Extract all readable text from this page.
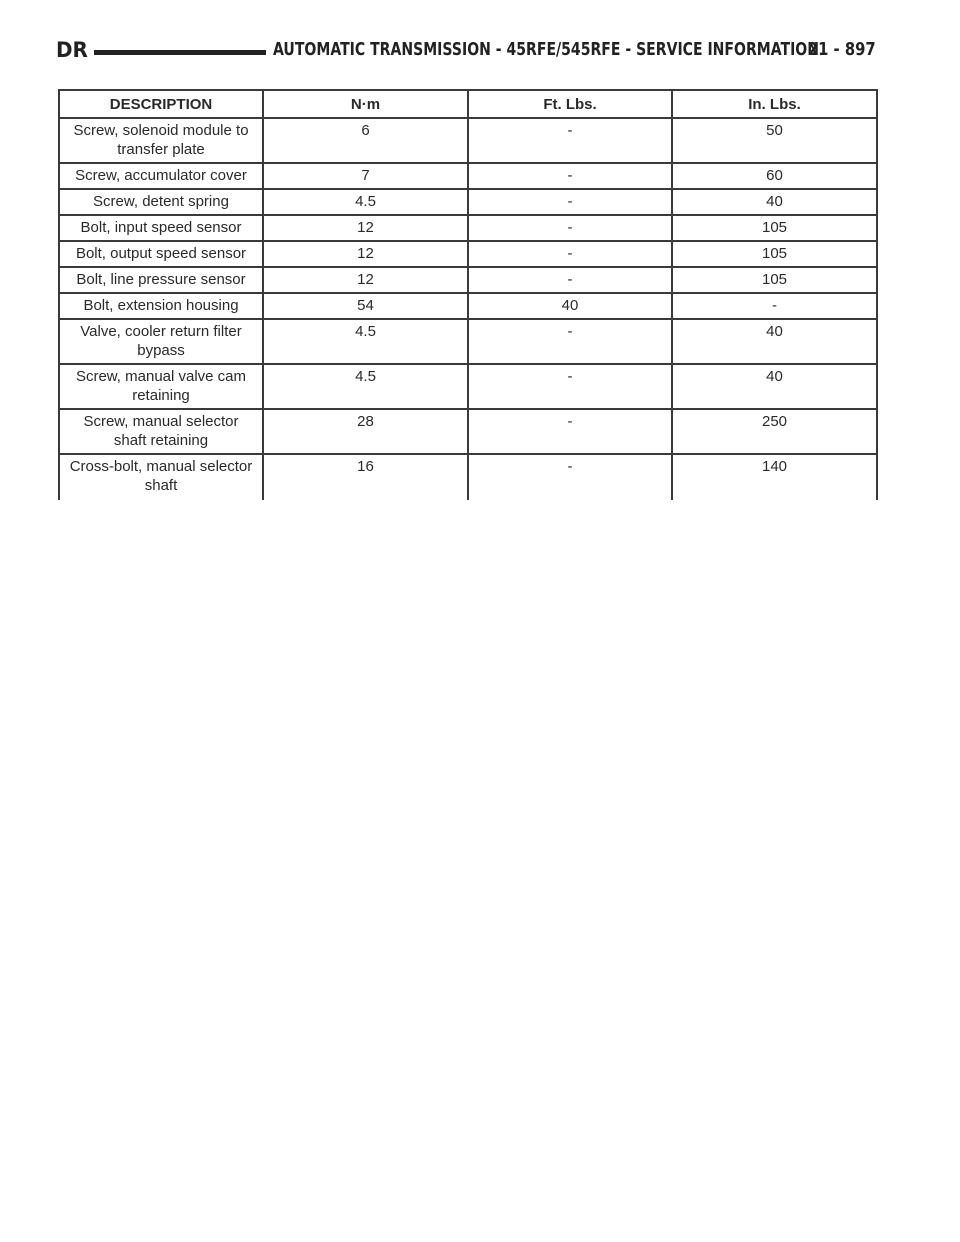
DR	AUTOMATIC TRANSMISSION - 45RFE/545RFE - SERVICE INFORMATION
21 - 897
DESCRIPTION	N·m	Ft. Lbs.	In. Lbs.
Screw, solenoid module to transfer plate	6	-	50
Screw, accumulator cover	7	-	60
Screw, detent spring	4.5	-	40
Bolt, input speed sensor	12	-	105
Bolt, output speed sensor	12	-	105
Bolt, line pressure sensor	12	-	105
Bolt, extension housing	54	40	-
Valve, cooler return filter bypass	4.5	-	40
Screw, manual valve cam retaining	4.5	-	40
Screw, manual selector shaft retaining	28	-	250
Cross-bolt, manual selector shaft	16	-	140
